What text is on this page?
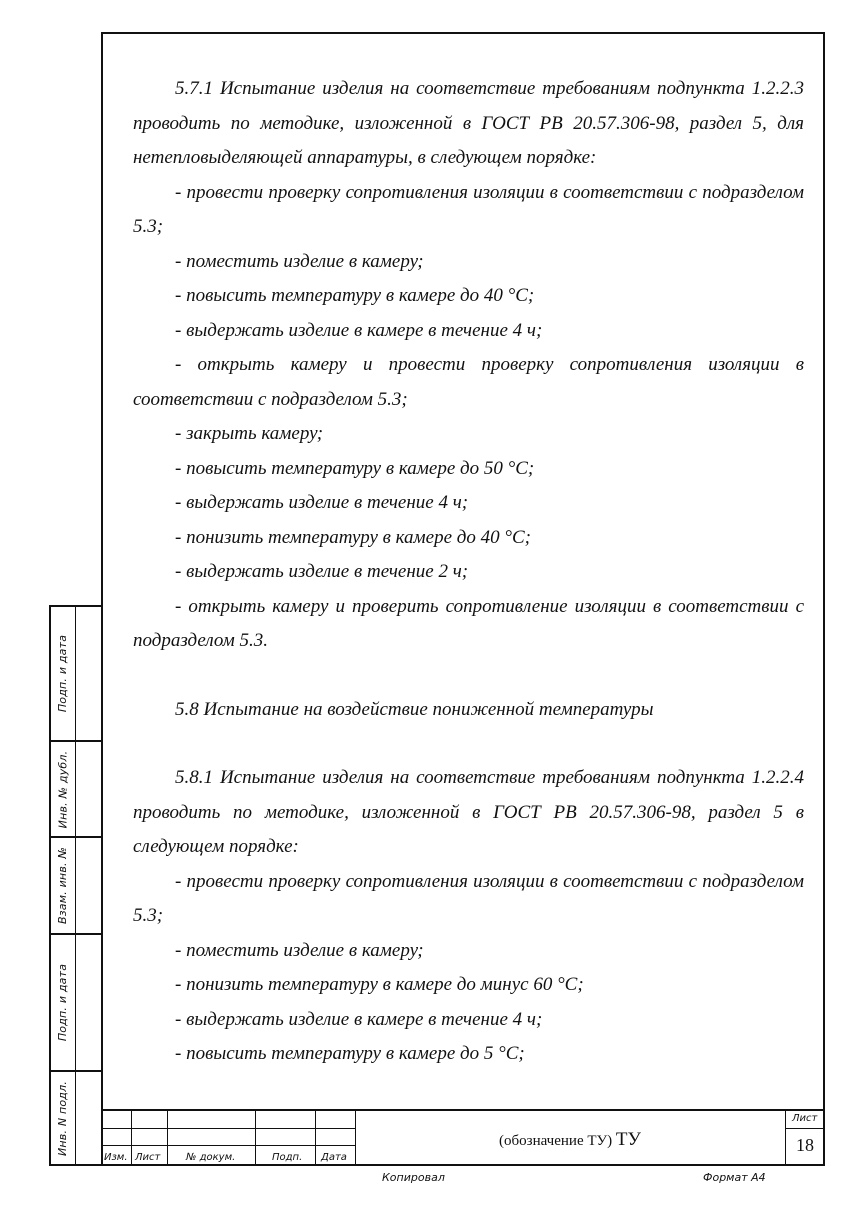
5.7.1 Испытание изделия на соответствие требованиям подпункта 1.2.2.3 проводить по методике, изложенной в ГОСТ РВ 20.57.306-98, раздел 5, для нетепловыделяющей аппаратуры, в следующем порядке:

- провести проверку сопротивления изоляции в соответствии с подразделом 5.3;

- поместить изделие в камеру;

- повысить температуру в камере до 40 °С;

- выдержать изделие в камере в течение 4 ч;

- открыть камеру и провести проверку сопротивления изоляции в соответствии с подразделом 5.3;

- закрыть камеру;

- повысить температуру в камере до 50 °С;

- выдержать изделие в течение 4 ч;

- понизить температуру в камере до 40 °С;

- выдержать изделие в течение 2 ч;

- открыть камеру и проверить сопротивление изоляции в соответствии с подразделом 5.3.

5.8 Испытание на воздействие пониженной температуры

5.8.1 Испытание изделия на соответствие требованиям подпункта 1.2.2.4 проводить по методике, изложенной в ГОСТ РВ 20.57.306-98, раздел 5 в следующем порядке:

- провести проверку сопротивления изоляции в соответствии с подразделом 5.3;

- поместить изделие в камеру;

- понизить температуру в камере до минус 60 °С;

- выдержать изделие в камере в течение 4 ч;

- повысить температуру в камере до 5 °С;

Подп. и дата
Инв. № дубл.
Взам. инв. №
Подп. и дата
Инв. N подл.
Изм. Лист	№ докум.	Подп. Дата
(обозначение ТУ) ТУ
Лист
18
Копировал	Формат А4
